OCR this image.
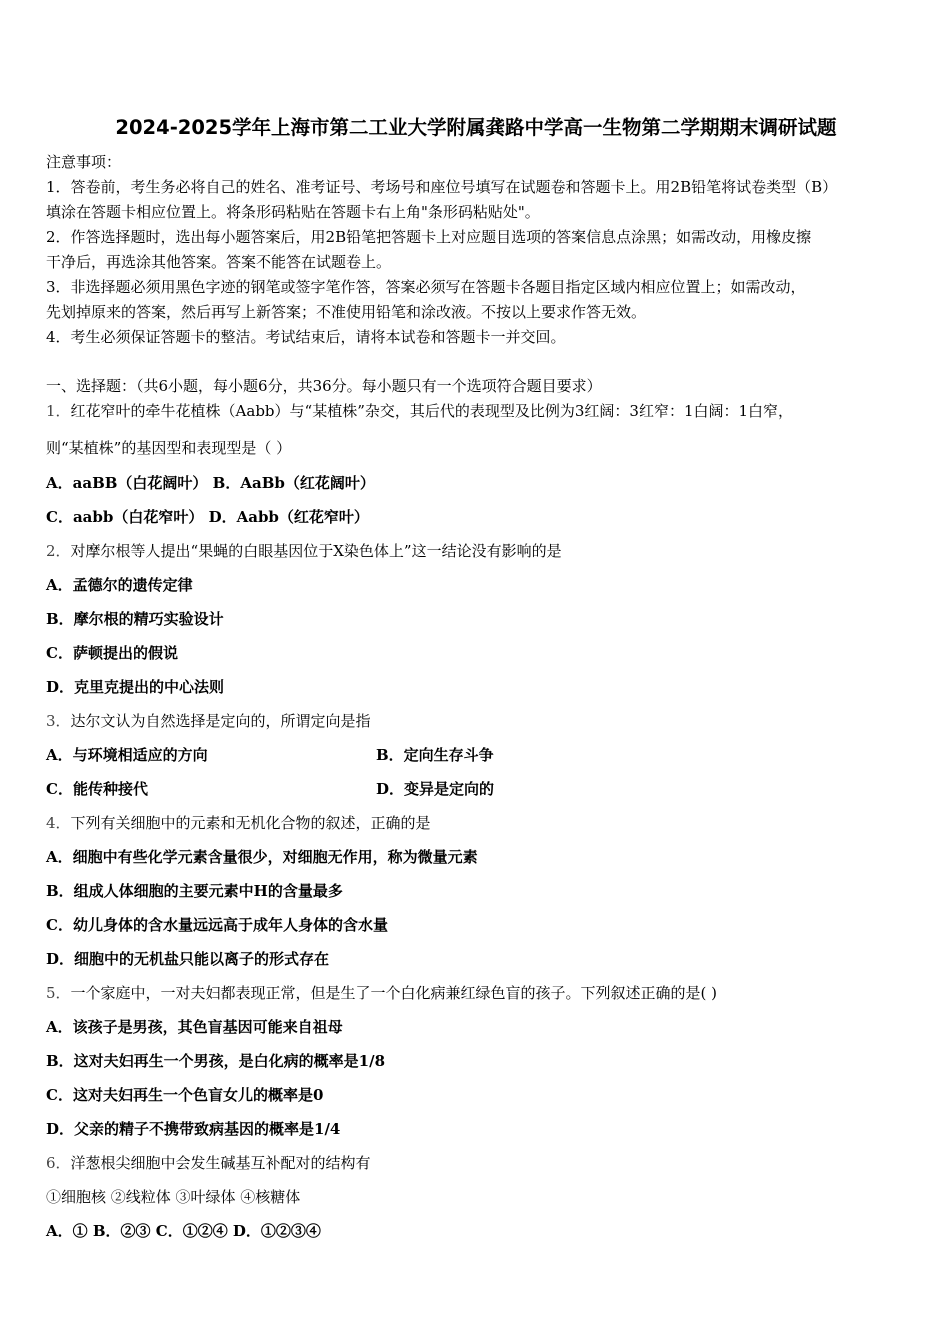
2024-2025学年上海市第二工业大学附属龚路中学高一生物第二学期期末调研试题
注意事项：
1．答卷前，考生务必将自己的姓名、准考证号、考场号和座位号填写在试题卷和答题卡上。用2B铅笔将试卷类型（B）
填涂在答题卡相应位置上。将条形码粘贴在答题卡右上角"条形码粘贴处"。
2．作答选择题时，选出每小题答案后，用2B铅笔把答题卡上对应题目选项的答案信息点涂黑；如需改动，用橡皮擦
干净后，再选涂其他答案。答案不能答在试题卷上。
3．非选择题必须用黑色字迹的钢笔或签字笔作答，答案必须写在答题卡各题目指定区域内相应位置上；如需改动，
先划掉原来的答案，然后再写上新答案；不准使用铅笔和涂改液。不按以上要求作答无效。
4．考生必须保证答题卡的整洁。考试结束后，请将本试卷和答题卡一并交回。
一、选择题：（共6小题，每小题6分，共36分。每小题只有一个选项符合题目要求）
1．红花窄叶的牵牛花植株（Aabb）与“某植株”杂交，其后代的表现型及比例为3红阔：3红窄：1白阔：1白窄，
则“某植株”的基因型和表现型是（ ）
A．aaBB（白花阔叶） B．AaBb（红花阔叶）
C．aabb（白花窄叶） D．Aabb（红花窄叶）
2．对摩尔根等人提出“果蝇的白眼基因位于X染色体上”这一结论没有影响的是
A．孟德尔的遗传定律
B．摩尔根的精巧实验设计
C．萨顿提出的假说
D．克里克提出的中心法则
3．达尔文认为自然选择是定向的，所谓定向是指
A．与环境相适应的方向	B．定向生存斗争
C．能传种接代	D．变异是定向的
4．下列有关细胞中的元素和无机化合物的叙述，正确的是
A．细胞中有些化学元素含量很少，对细胞无作用，称为微量元素
B．组成人体细胞的主要元素中H的含量最多
C．幼儿身体的含水量远远高于成年人身体的含水量
D．细胞中的无机盐只能以离子的形式存在
5．一个家庭中，一对夫妇都表现正常，但是生了一个白化病兼红绿色盲的孩子。下列叙述正确的是( )
A．该孩子是男孩，其色盲基因可能来自祖母
B．这对夫妇再生一个男孩，是白化病的概率是1/8
C．这对夫妇再生一个色盲女儿的概率是0
D．父亲的精子不携带致病基因的概率是1/4
6．洋葱根尖细胞中会发生碱基互补配对的结构有
①细胞核 ②线粒体 ③叶绿体 ④核糖体
A．① B．②③ C．①②④ D．①②③④
